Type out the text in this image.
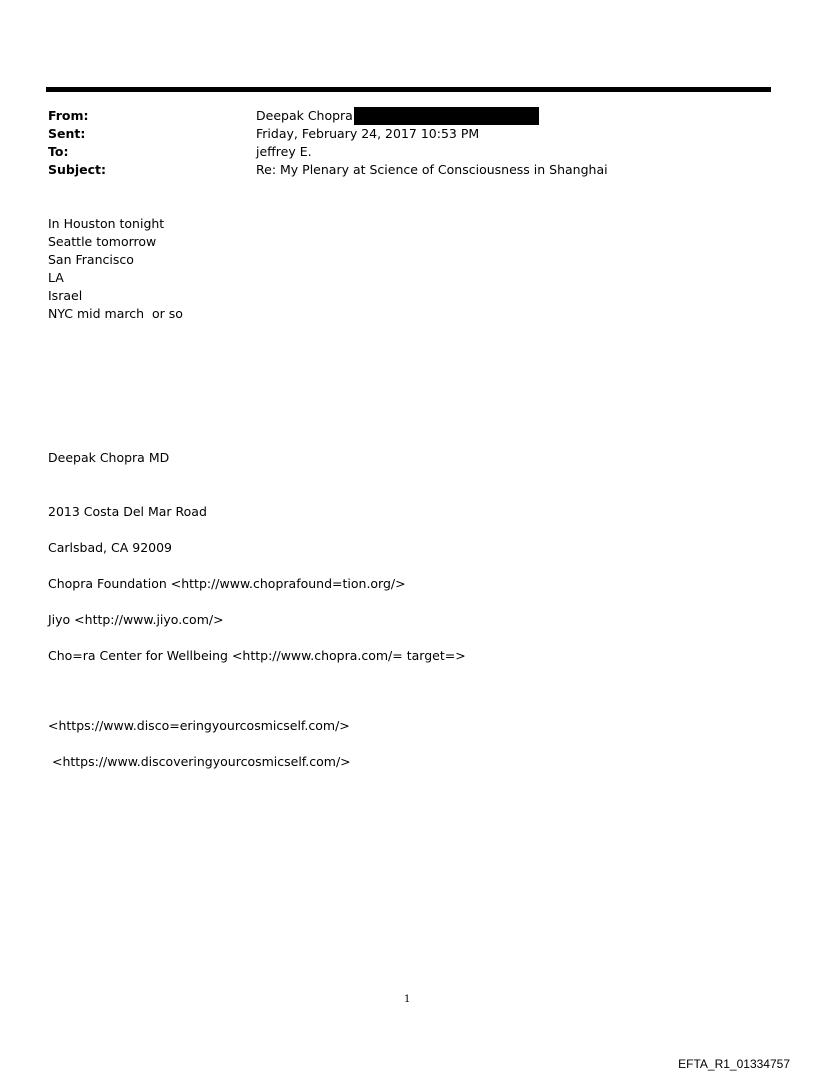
From:	Deepak Chopra
Sent:	Friday, February 24, 2017 10:53 PM
To:	jeffrey E.
Subject:	Re: My Plenary at Science of Consciousness in Shanghai
In Houston tonight
Seattle tomorrow
San Francisco
LA
Israel
NYC mid march  or so
Deepak Chopra MD
2013 Costa Del Mar Road
Carlsbad, CA 92009
Chopra Foundation <http://www.choprafound=tion.org/>
Jiyo <http://www.jiyo.com/>
Cho=ra Center for Wellbeing <http://www.chopra.com/= target=>
<https://www.disco=eringyourcosmicself.com/>
<https://www.discoveringyourcosmicself.com/>
1
EFTA_R1_01334757
